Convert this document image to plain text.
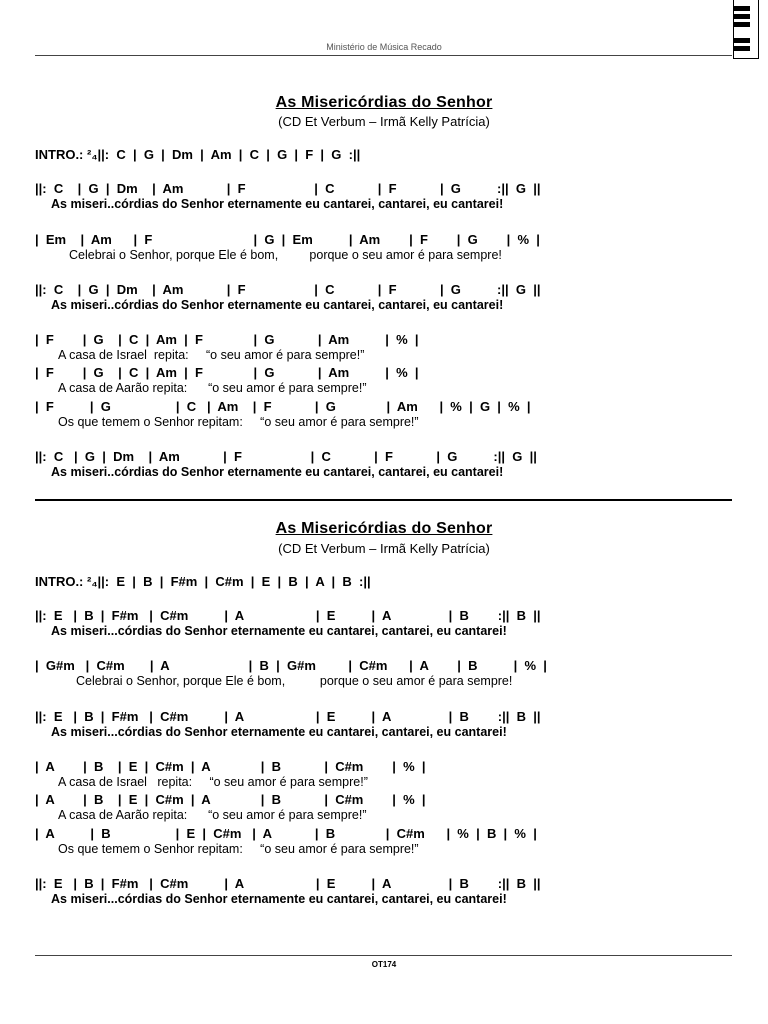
Ministério de Música Recado
As Misericórdias do Senhor
(CD Et Verbum – Irmã Kelly Patrícia)
INTRO.: ²₄||:  C  |  G  |  Dm  |  Am  |  C  |  G  |  F  |  G  :||
||:  C    |  G  |  Dm    |  Am            |  F                   |  C            |  F            |  G          :||  G  ||
As miseri..córdias do Senhor eternamente eu cantarei, cantarei, eu cantarei!
|  Em    |  Am      |  F                            |  G  |  Em          |  Am        |  F        |  G        |  %  |
Celebrai o Senhor, porque Ele é bom,         porque o seu amor é para sempre!
||:  C    |  G  |  Dm    |  Am            |  F                   |  C            |  F            |  G          :||  G  ||
As miseri..córdias do Senhor eternamente eu cantarei, cantarei, eu cantarei!
|  F        |  G    |  C  |  Am  |  F              |  G            |  Am          |  %  |
A casa de Israel  repita:     “o seu amor é para sempre!”
|  F        |  G    |  C  |  Am  |  F              |  G            |  Am          |  %  |
A casa de Aarão repita:      “o seu amor é para sempre!”
|  F          |  G                  |  C   |  Am    |  F            |  G              |  Am      |  %  |  G  |  %  |
Os que temem o Senhor repitam:     “o seu amor é para sempre!”
||:  C   |  G  |  Dm    |  Am            |  F                   |  C            |  F            |  G          :||  G  ||
As miseri..córdias do Senhor eternamente eu cantarei, cantarei, eu cantarei!
As Misericórdias do Senhor
(CD Et Verbum – Irmã Kelly Patrícia)
INTRO.: ²₄||:  E  |  B  |  F#m  |  C#m  |  E  |  B  |  A  |  B  :||
||:  E   |  B  |  F#m   |  C#m          |  A                    |  E          |  A                |  B        :||  B  ||
As miseri...córdias do Senhor eternamente eu cantarei, cantarei, eu cantarei!
|  G#m   |  C#m       |  A                      |  B  |  G#m         |  C#m      |  A        |  B          |  %  |
Celebrai o Senhor, porque Ele é bom,          porque o seu amor é para sempre!
||:  E   |  B  |  F#m   |  C#m          |  A                    |  E          |  A                |  B        :||  B  ||
As miseri...córdias do Senhor eternamente eu cantarei, cantarei, eu cantarei!
|  A        |  B    |  E  |  C#m  |  A              |  B            |  C#m        |  %  |
A casa de Israel   repita:     “o seu amor é para sempre!”
|  A        |  B    |  E  |  C#m  |  A              |  B            |  C#m        |  %  |
A casa de Aarão repita:      “o seu amor é para sempre!”
|  A          |  B                  |  E  |  C#m   |  A            |  B              |  C#m      |  %  |  B  |  %  |
Os que temem o Senhor repitam:     “o seu amor é para sempre!”
||:  E   |  B  |  F#m   |  C#m          |  A                    |  E          |  A                |  B        :||  B  ||
As miseri...córdias do Senhor eternamente eu cantarei, cantarei, eu cantarei!
OT174
